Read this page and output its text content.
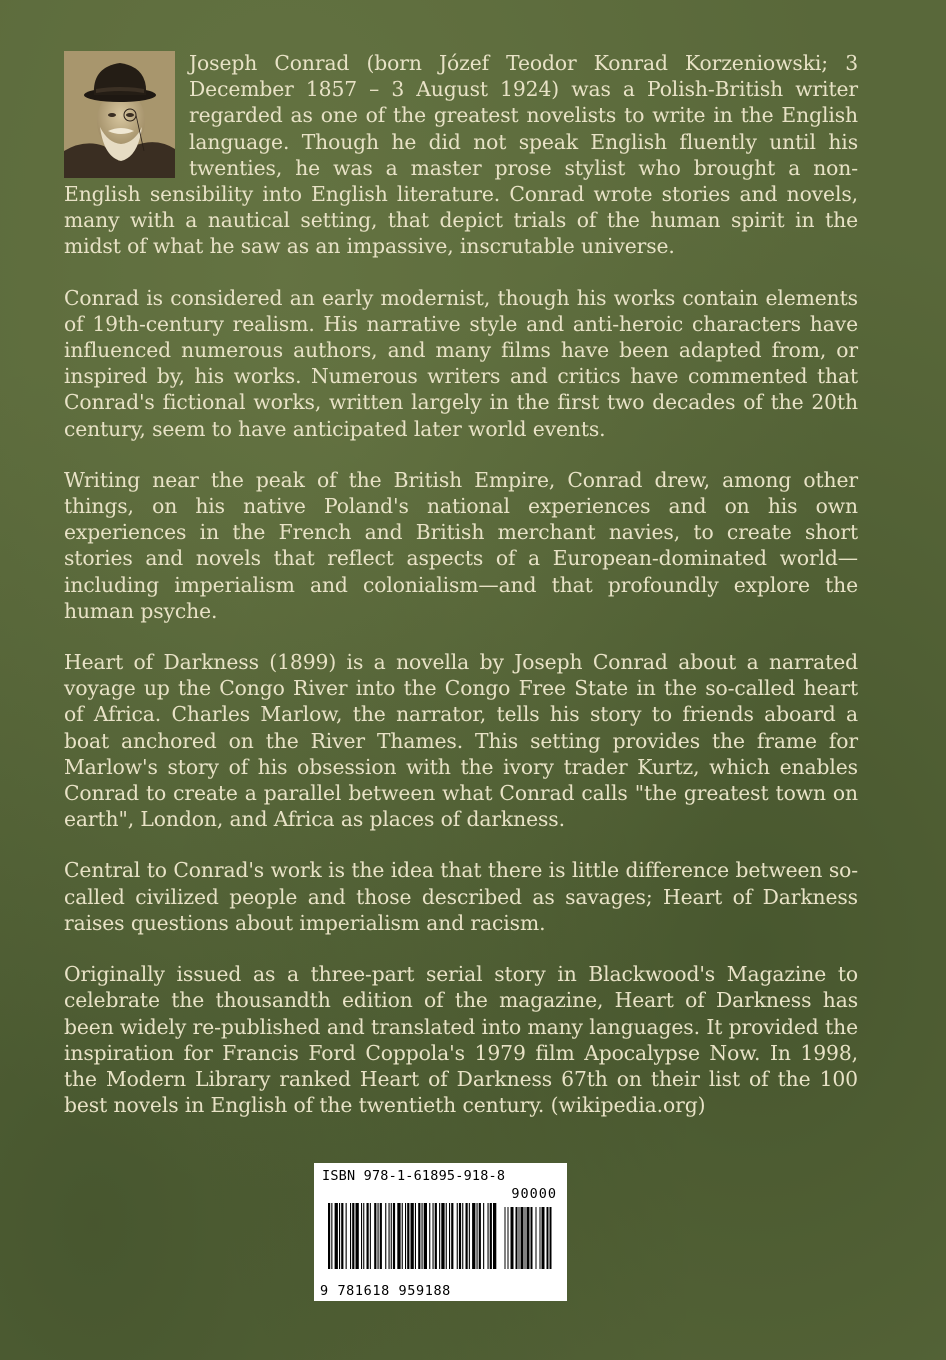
Joseph Conrad (born Józef Teodor Konrad Korzeniowski; 3 December 1857 – 3 August 1924) was a Polish-British writer regarded as one of the greatest novelists to write in the English language. Though he did not speak English fluently until his twenties, he was a master prose stylist who brought a non-English sensibility into English literature. Conrad wrote stories and novels, many with a nautical setting, that depict trials of the human spirit in the midst of what he saw as an impassive, inscrutable universe.

Conrad is considered an early modernist, though his works contain elements of 19th-century realism. His narrative style and anti-heroic characters have influenced numerous authors, and many films have been adapted from, or inspired by, his works. Numerous writers and critics have commented that Conrad's fictional works, written largely in the first two decades of the 20th century, seem to have anticipated later world events.

Writing near the peak of the British Empire, Conrad drew, among other things, on his native Poland's national experiences and on his own experiences in the French and British merchant navies, to create short stories and novels that reflect aspects of a European-dominated world—including imperialism and colonialism—and that profoundly explore the human psyche.

Heart of Darkness (1899) is a novella by Joseph Conrad about a narrated voyage up the Congo River into the Congo Free State in the so-called heart of Africa. Charles Marlow, the narrator, tells his story to friends aboard a boat anchored on the River Thames. This setting provides the frame for Marlow's story of his obsession with the ivory trader Kurtz, which enables Conrad to create a parallel between what Conrad calls "the greatest town on earth", London, and Africa as places of darkness.

Central to Conrad's work is the idea that there is little difference between so-called civilized people and those described as savages; Heart of Darkness raises questions about imperialism and racism.

Originally issued as a three-part serial story in Blackwood's Magazine to celebrate the thousandth edition of the magazine, Heart of Darkness has been widely re-published and translated into many languages. It provided the inspiration for Francis Ford Coppola's 1979 film Apocalypse Now. In 1998, the Modern Library ranked Heart of Darkness 67th on their list of the 100 best novels in English of the twentieth century. (wikipedia.org)

ISBN 978-1-61895-918-8
90000
9 781618 959188
